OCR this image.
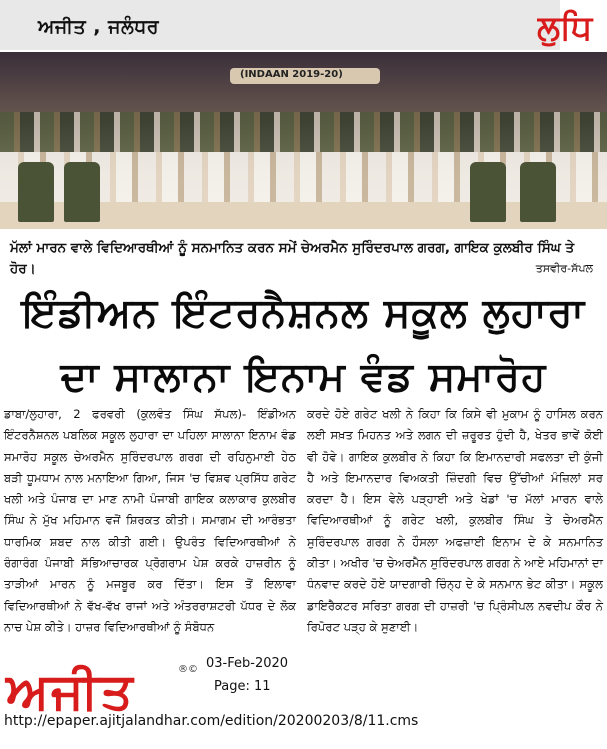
ਅਜੀਤ , ਜਲੰਧਰ	ਲੁਧਿ
(INDAAN 2019-20)
ਮੱਲਾਂ ਮਾਰਨ ਵਾਲੇ ਵਿਦਿਆਰਥੀਆਂ ਨੂੰ ਸਨਮਾਨਿਤ ਕਰਨ ਸਮੇਂ ਚੇਅਰਮੈਨ ਸੁਰਿੰਦਰਪਾਲ ਗਰਗ, ਗਾਇਕ ਕੁਲਬੀਰ ਸਿੰਘ ਤੇ ਹੋਰ।	ਤਸਵੀਰ-ਸੱਪਲ
ਇੰਡੀਅਨ ਇੰਟਰਨੈਸ਼ਨਲ ਸਕੂਲ ਲੁਹਾਰਾ
ਦਾ ਸਾਲਾਨਾ ਇਨਾਮ ਵੰਡ ਸਮਾਰੋਹ
ਡਾਬਾ/ਲੁਹਾਰਾ, 2 ਫਰਵਰੀ (ਕੁਲਵੰਤ ਸਿੰਘ ਸੱਪਲ)- ਇੰਡੀਅਨ ਇੰਟਰਨੈਸ਼ਨਲ ਪਬਲਿਕ ਸਕੂਲ ਲੁਹਾਰਾ ਦਾ ਪਹਿਲਾ ਸਾਲਾਨਾ ਇਨਾਮ ਵੰਡ ਸਮਾਰੋਹ ਸਕੂਲ ਚੇਅਰਮੈਨ ਸੁਰਿੰਦਰਪਾਲ ਗਰਗ ਦੀ ਰਹਿਨੁਮਾਈ ਹੇਠ ਬੜੀ ਧੂਮਧਾਮ ਨਾਲ ਮਨਾਇਆ ਗਿਆ, ਜਿਸ 'ਚ ਵਿਸ਼ਵ ਪ੍ਰਸਿੱਧ ਗਰੇਟ ਖਲੀ ਅਤੇ ਪੰਜਾਬ ਦਾ ਮਾਣ ਨਾਮੀ ਪੰਜਾਬੀ ਗਾਇਕ ਕਲਾਕਾਰ ਕੁਲਬੀਰ ਸਿੰਘ ਨੇ ਮੁੱਖ ਮਹਿਮਾਨ ਵਜੋਂ ਸ਼ਿਰਕਤ ਕੀਤੀ। ਸਮਾਗਮ ਦੀ ਆਰੰਭਤਾ ਧਾਰਮਿਕ ਸ਼ਬਦ ਨਾਲ ਕੀਤੀ ਗਈ। ਉਪਰੰਤ ਵਿਦਿਆਰਥੀਆਂ ਨੇ ਰੰਗਾਰੰਗ ਪੰਜਾਬੀ ਸੱਭਿਆਚਾਰਕ ਪ੍ਰੋਗਰਾਮ ਪੇਸ਼ ਕਰਕੇ ਹਾਜ਼ਰੀਨ ਨੂੰ ਤਾੜੀਆਂ ਮਾਰਨ ਨੂੰ ਮਜਬੂਰ ਕਰ ਦਿੱਤਾ। ਇਸ ਤੋਂ ਇਲਾਵਾ ਵਿਦਿਆਰਥੀਆਂ ਨੇ ਵੱਖ-ਵੱਖ ਰਾਜਾਂ ਅਤੇ ਅੰਤਰਰਾਸ਼ਟਰੀ ਪੱਧਰ ਦੇ ਲੋਕ ਨਾਚ ਪੇਸ਼ ਕੀਤੇ। ਹਾਜ਼ਰ ਵਿਦਿਆਰਥੀਆਂ ਨੂੰ ਸੰਬੋਧਨ
ਕਰਦੇ ਹੋਏ ਗਰੇਟ ਖਲੀ ਨੇ ਕਿਹਾ ਕਿ ਕਿਸੇ ਵੀ ਮੁਕਾਮ ਨੂੰ ਹਾਸਿਲ ਕਰਨ ਲਈ ਸਖ਼ਤ ਮਿਹਨਤ ਅਤੇ ਲਗਨ ਦੀ ਜ਼ਰੂਰਤ ਹੁੰਦੀ ਹੈ, ਖੇਤਰ ਭਾਵੇਂ ਕੋਈ ਵੀ ਹੋਵੇ। ਗਾਇਕ ਕੁਲਬੀਰ ਨੇ ਕਿਹਾ ਕਿ ਇਮਾਨਦਾਰੀ ਸਫਲਤਾ ਦੀ ਕੁੰਜੀ ਹੈ ਅਤੇ ਇਮਾਨਦਾਰ ਵਿਅਕਤੀ ਜ਼ਿੰਦਗੀ ਵਿਚ ਉੱਚੀਆਂ ਮੰਜ਼ਿਲਾਂ ਸਰ ਕਰਦਾ ਹੈ। ਇਸ ਵੇਲੇ ਪੜ੍ਹਾਈ ਅਤੇ ਖੇਡਾਂ 'ਚ ਮੱਲਾਂ ਮਾਰਨ ਵਾਲੇ ਵਿਦਿਆਰਥੀਆਂ ਨੂੰ ਗਰੇਟ ਖਲੀ, ਕੁਲਬੀਰ ਸਿੰਘ ਤੇ ਚੇਅਰਮੈਨ ਸੁਰਿੰਦਰਪਾਲ ਗਰਗ ਨੇ ਹੌਸਲਾ ਅਫਜ਼ਾਈ ਇਨਾਮ ਦੇ ਕੇ ਸਨਮਾਨਿਤ ਕੀਤਾ। ਅਖੀਰ 'ਚ ਚੇਅਰਮੈਨ ਸੁਰਿੰਦਰਪਾਲ ਗਰਗ ਨੇ ਆਏ ਮਹਿਮਾਨਾਂ ਦਾ ਧੰਨਵਾਦ ਕਰਦੇ ਹੋਏ ਯਾਦਗਾਰੀ ਚਿੰਨ੍ਹ ਦੇ ਕੇ ਸਨਮਾਨ ਭੇਟ ਕੀਤਾ। ਸਕੂਲ ਡਾਇਰੈਕਟਰ ਸਰਿਤਾ ਗਰਗ ਦੀ ਹਾਜ਼ਰੀ 'ਚ ਪ੍ਰਿੰਸੀਪਲ ਨਵਦੀਪ ਕੌਰ ਨੇ ਰਿਪੋਰਟ ਪੜ੍ਹ ਕੇ ਸੁਣਾਈ।
ਅਜੀਤ	®© 03-Feb-2020
Page: 11
http://epaper.ajitjalandhar.com/edition/20200203/8/11.cms
